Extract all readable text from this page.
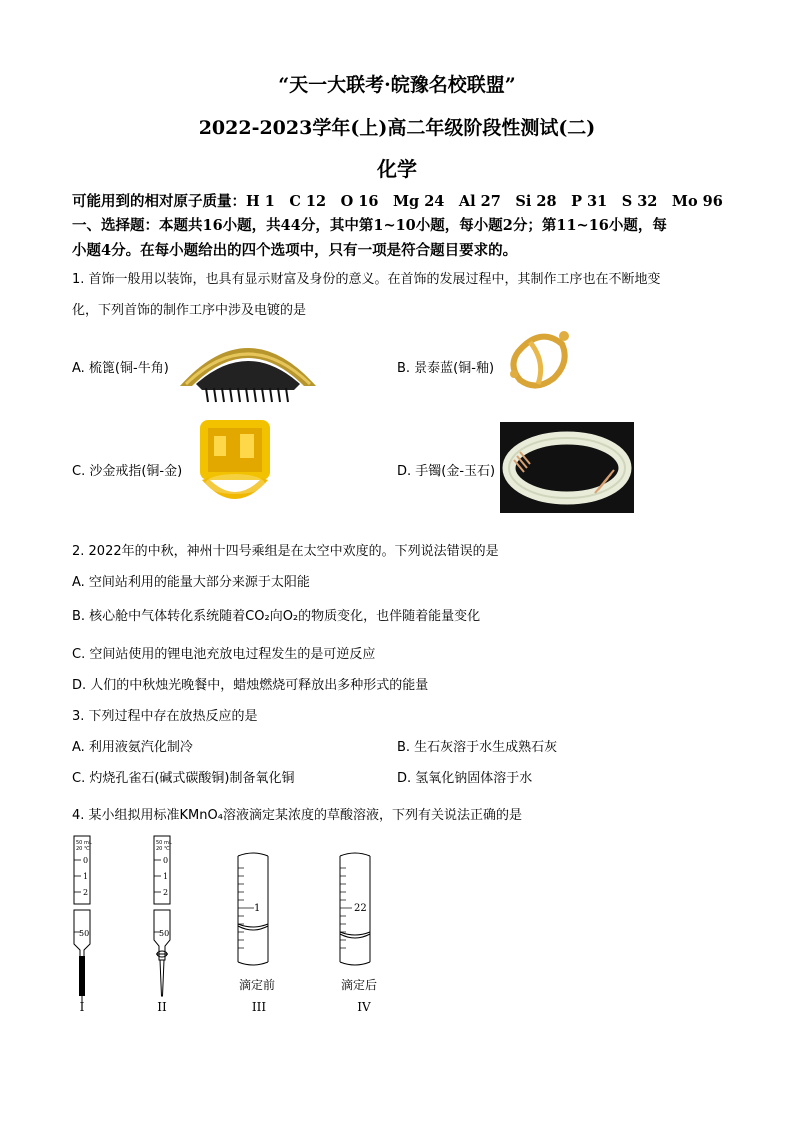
“天一大联考·皖豫名校联盟”
2022-2023学年(上)高二年级阶段性测试(二)
化学
可能用到的相对原子质量：H 1　C 12　O 16　Mg 24　Al 27　Si 28　P 31　S 32　Mo 96
一、选择题：本题共16小题，共44分，其中第1~10小题，每小题2分；第11~16小题，每
小题4分。在每小题给出的四个选项中，只有一项是符合题目要求的。
1. 首饰一般用以装饰，也具有显示财富及身份的意义。在首饰的发展过程中，其制作工序也在不断地变
化，下列首饰的制作工序中涉及电镀的是
A. 梳篦(铜-牛角)	B. 景泰蓝(铜-釉)
C. 沙金戒指(铜-金)	D. 手镯(金-玉石)
2. 2022年的中秋，神州十四号乘组是在太空中欢度的。下列说法错误的是
A. 空间站利用的能量大部分来源于太阳能
B. 核心舱中气体转化系统随着CO₂向O₂的物质变化，也伴随着能量变化
C. 空间站使用的锂电池充放电过程发生的是可逆反应
D. 人们的中秋烛光晚餐中，蜡烛燃烧可释放出多种形式的能量
3. 下列过程中存在放热反应的是
A. 利用液氨汽化制冷	B. 生石灰溶于水生成熟石灰
C. 灼烧孔雀石(碱式碳酸铜)制备氧化铜	D. 氢氧化钠固体溶于水
4. 某小组拟用标准KMnO₄溶液滴定某浓度的草酸溶液，下列有关说法正确的是
50 mL
20 ℃
0
1
2
50
50 mL
20 ℃
0
1
2
50
1	22
滴定前	滴定后
I	II	III	IV
